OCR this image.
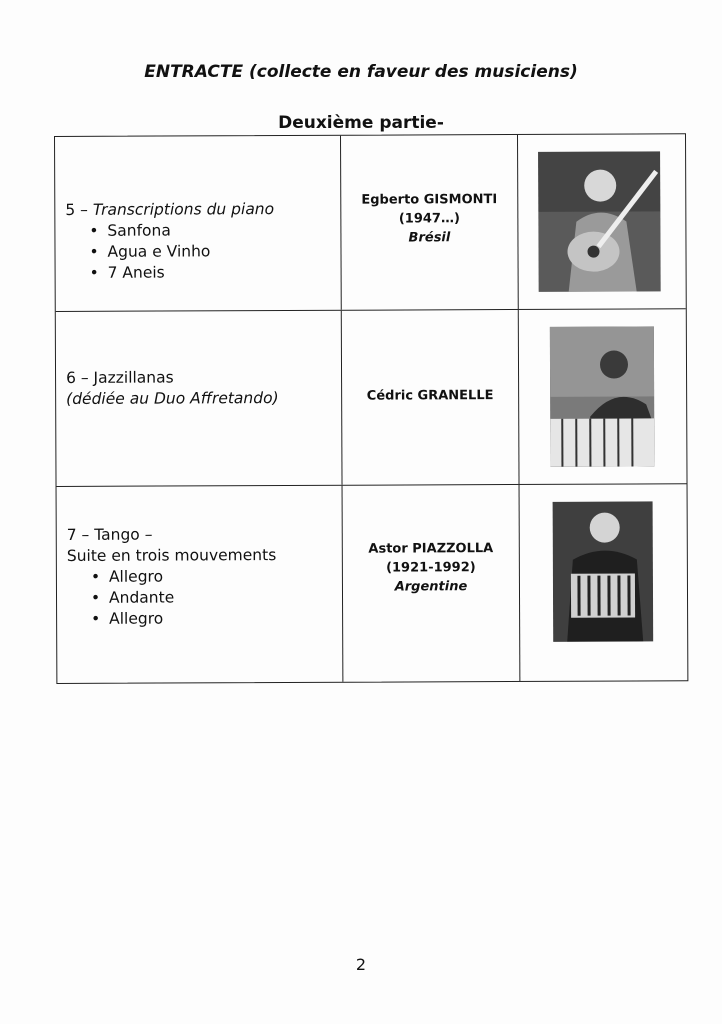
ENTRACTE (collecte en faveur des musiciens)
Deuxième partie-
5 – Transcriptions du piano
• Sanfona
• Agua e Vinho
• 7 Aneis
Egberto GISMONTI
(1947…)
Brésil
6 – Jazzillanas
(dédiée au Duo Affretando)	Cédric GRANELLE
7 – Tango –
Suite en trois mouvements
• Allegro
• Andante
• Allegro
Astor PIAZZOLLA
(1921-1992)
Argentine
2
